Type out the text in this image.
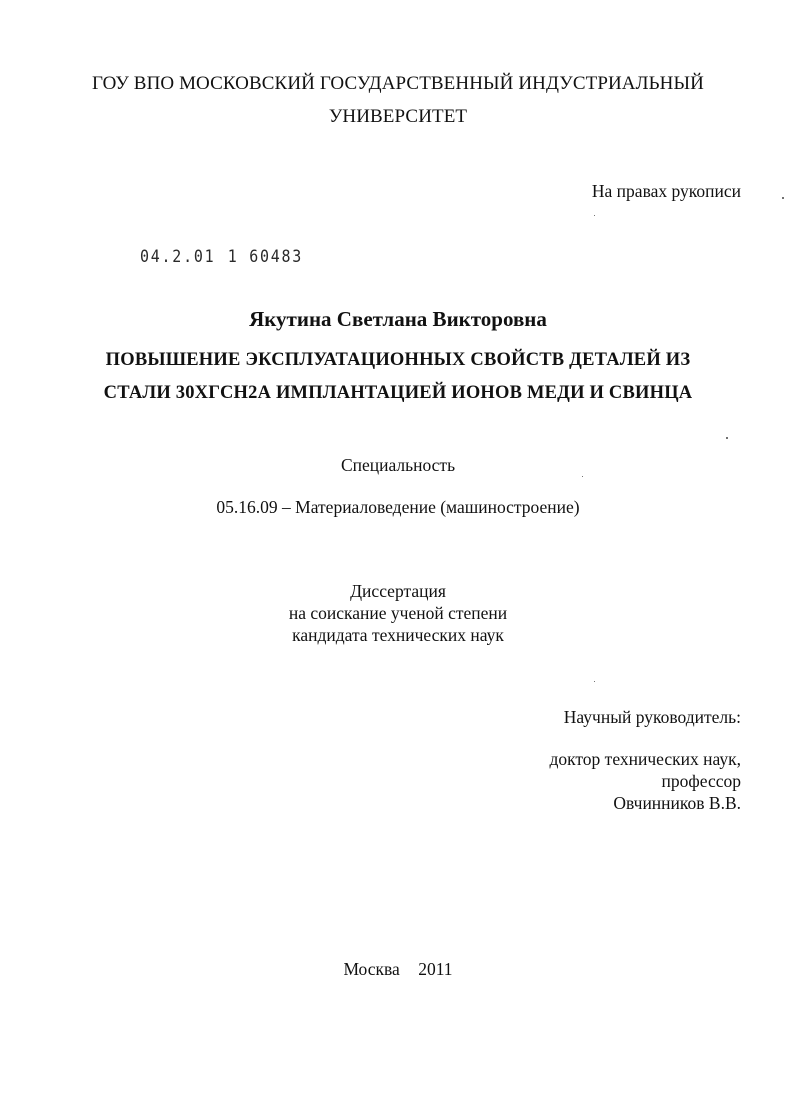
ГОУ ВПО МОСКОВСКИЙ ГОСУДАРСТВЕННЫЙ ИНДУСТРИАЛЬНЫЙ

УНИВЕРСИТЕТ

На правах рукописи

04.2.01 1 60483

Якутина Светлана Викторовна

ПОВЫШЕНИЕ ЭКСПЛУАТАЦИОННЫХ СВОЙСТВ ДЕТАЛЕЙ ИЗ

СТАЛИ 30ХГСН2А ИМПЛАНТАЦИЕЙ ИОНОВ МЕДИ И СВИНЦА

Специальность

05.16.09 – Материаловедение (машиностроение)

Диссертация

на соискание ученой степени

кандидата технических наук

Научный руководитель:

доктор технических наук,

профессор

Овчинников В.В.

Москва 2011
